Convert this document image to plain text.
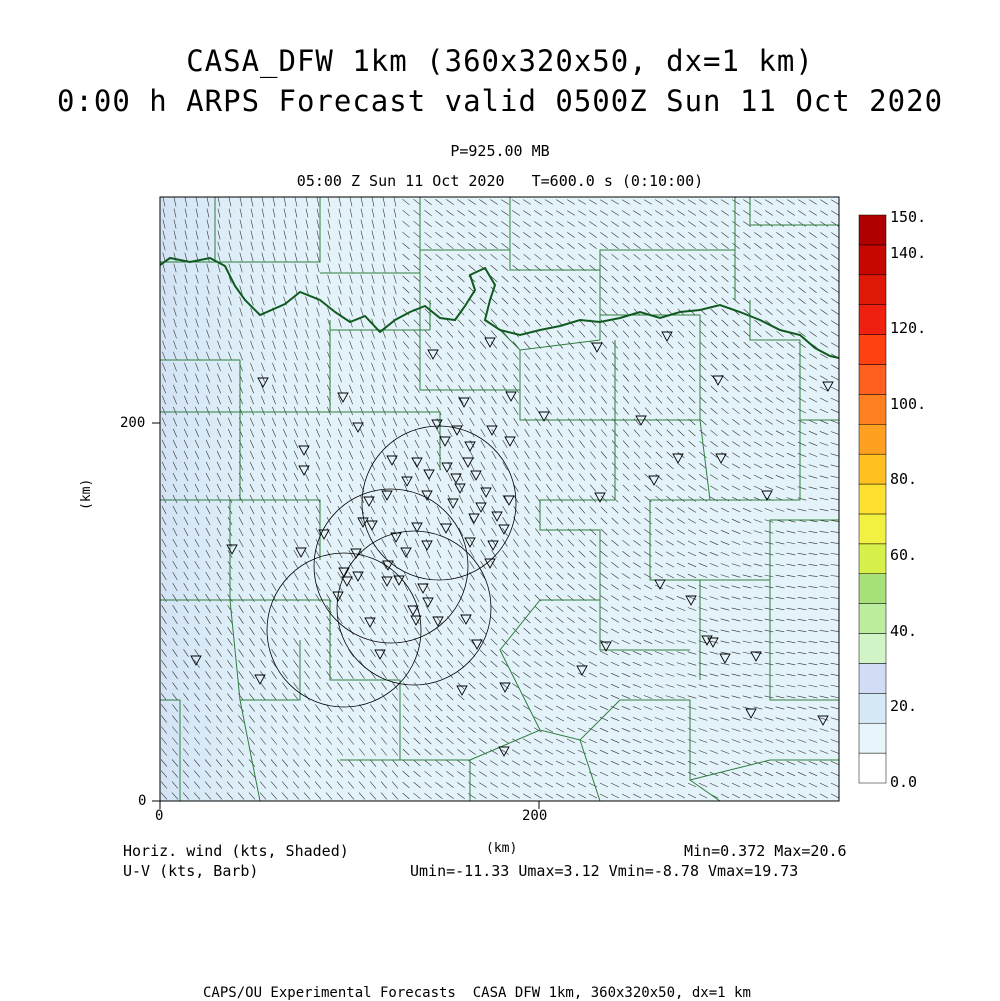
CASA_DFW 1km (360x320x50, dx=1 km)
0:00 h ARPS Forecast valid 0500Z Sun 11 Oct 2020
P=925.00 MB
05:00 Z Sun 11 Oct 2020   T=600.0 s (0:10:00)
200
0
0	200
(km)
(km)
150.
140.
120.
100.
80.
60.
40.
20.
0.0
Horiz. wind (kts, Shaded)
U-V (kts, Barb)
Min=0.372 Max=20.6
Umin=-11.33 Umax=3.12 Vmin=-8.78 Vmax=19.73
CAPS/OU Experimental Forecasts  CASA DFW 1km, 360x320x50, dx=1 km
